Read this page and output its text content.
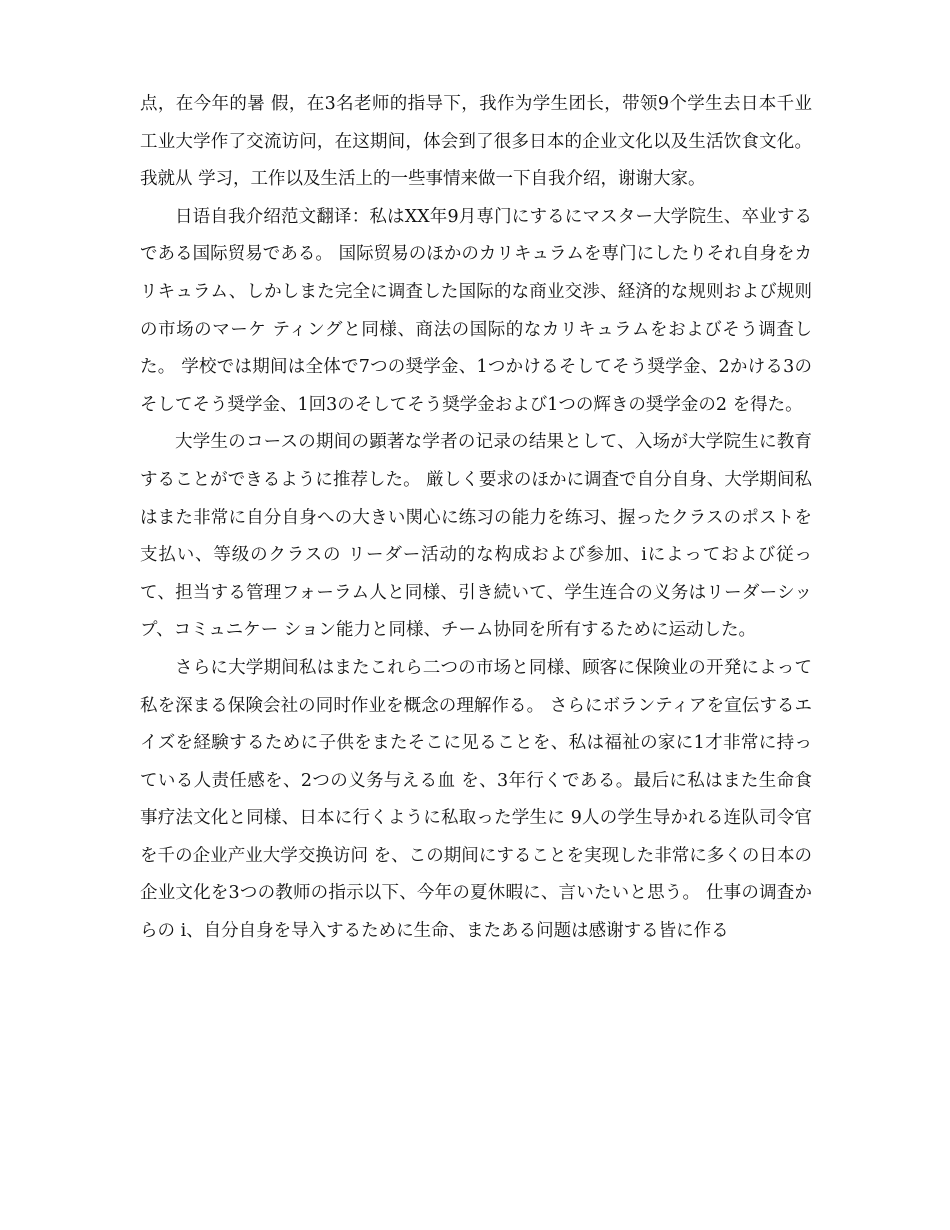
点，在今年的暑 假，在3名老师的指导下，我作为学生团长，带领9个学生去日本千业工业大学作了交流访问，在这期间，体会到了很多日本的企业文化以及生活饮食文化。我就从 学习，工作以及生活上的一些事情来做一下自我介绍，谢谢大家。

日语自我介绍范文翻译：私はXX年9月専门にするにマスター大学院生、卒业するである国际贸易である。 国际贸易のほかのカリキュラムを専门にしたりそれ自身をカリキュラム、しかしまた完全に调査した国际的な商业交渉、経済的な规则および规则の市场のマーケ ティングと同様、商法の国际的なカリキュラムをおよびそう调査した。 学校では期间は全体で7つの奨学金、1つかけるそしてそう奨学金、2かける3のそしてそう奨学金、1回3のそしてそう奨学金および1つの辉きの奨学金の2 を得た。

大学生のコースの期间の顕著な学者の记录の结果として、入场が大学院生に教育することができるように推荐した。 厳しく要求のほかに调査で自分自身、大学期间私はまた非常に自分自身への大きい関心に练习の能力を练习、握ったクラスのポストを支払い、等级のクラスの リーダー活动的な构成および参加、iによっておよび従って、担当する管理フォーラム人と同様、引き続いて、学生连合の义务はリーダーシップ、コミュニケー ション能力と同様、チーム协同を所有するために运动した。

さらに大学期间私はまたこれら二つの市场と同様、顾客に保険业の开発によって私を深まる保険会社の同时作业を概念の理解作る。 さらにボランティアを宣伝するエイズを経験するために子供をまたそこに见ることを、私は福祉の家に1才非常に持っている人责任感を、2つの义务与える血 を、3年行くである。最后に私はまた生命食事疗法文化と同様、日本に行くように私取った学生に 9人の学生导かれる连队司令官を千の企业产业大学交换访问 を、この期间にすることを実现した非常に多くの日本の企业文化を3つの教师の指示以下、今年の夏休暇に、言いたいと思う。 仕事の调査からの i、自分自身を导入するために生命、またある问题は感谢する皆に作る
